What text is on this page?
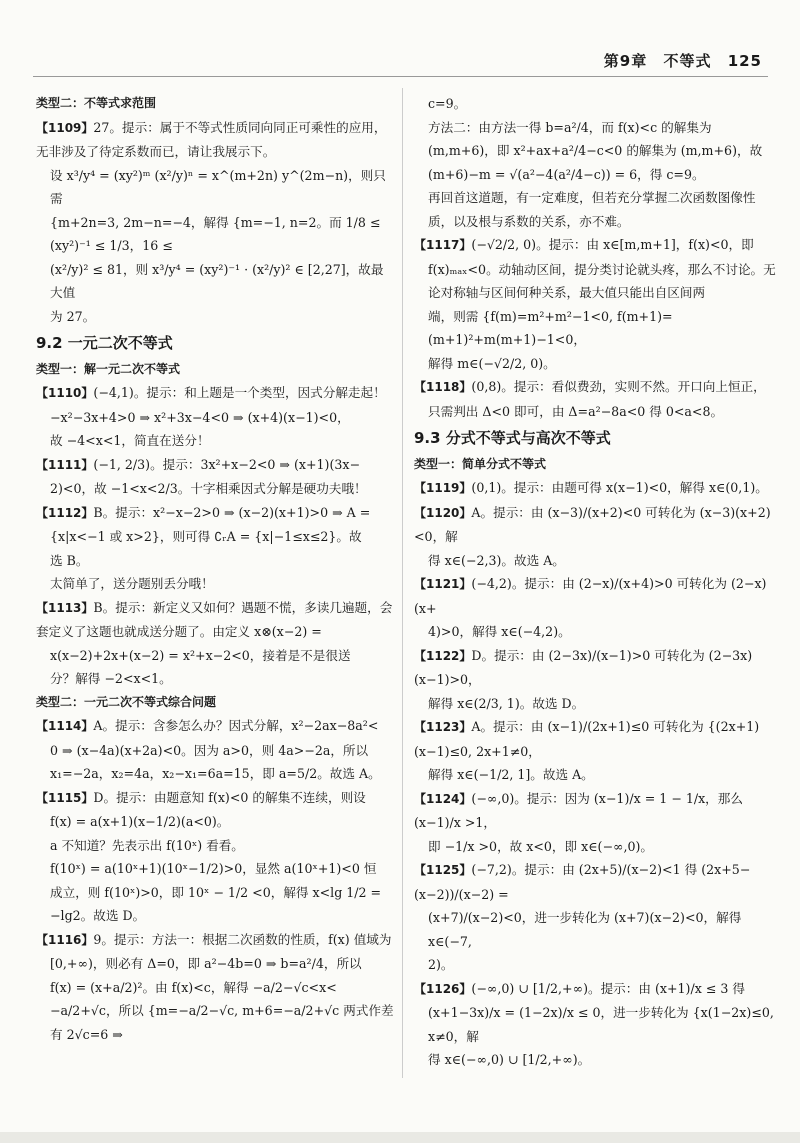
第9章 不等式 125
类型二：不等式求范围
【1109】27。提示：属于不等式性质同向同正可乘性的应用，无非涉及了待定系数而已，请让我展示下。
设 x³/y⁴ = (xy²)ᵐ (x²/y)ⁿ = x^(m+2n) y^(2m−n)，则只需
{m+2n=3, 2m−n=−4，解得 {m=−1, n=2。而 1/8 ≤ (xy²)⁻¹ ≤ 1/3，16 ≤
(x²/y)² ≤ 81，则 x³/y⁴ = (xy²)⁻¹ · (x²/y)² ∈ [2,27]，故最大值
为 27。
9.2 一元二次不等式
类型一：解一元二次不等式
【1110】(−4,1)。提示：和上题是一个类型，因式分解走起！
−x²−3x+4>0 ⇒ x²+3x−4<0 ⇒ (x+4)(x−1)<0，
故 −4<x<1，简直在送分！
【1111】(−1, 2/3)。提示：3x²+x−2<0 ⇒ (x+1)(3x−
2)<0，故 −1<x<2/3。十字相乘因式分解是硬功夫哦！
【1112】B。提示：x²−x−2>0 ⇒ (x−2)(x+1)>0 ⇒ A =
{x|x<−1 或 x>2}，则可得 ∁ᵣA = {x|−1≤x≤2}。故
选 B。
太简单了，送分题别丢分哦！
【1113】B。提示：新定义又如何？遇题不慌，多读几遍题，会套定义了这题也就成送分题了。由定义 x⊗(x−2) =
x(x−2)+2x+(x−2) = x²+x−2<0，接着是不是很送
分？解得 −2<x<1。
类型二：一元二次不等式综合问题
【1114】A。提示：含参怎么办？因式分解，x²−2ax−8a²<
0 ⇒ (x−4a)(x+2a)<0。因为 a>0，则 4a>−2a，所以
x₁=−2a，x₂=4a，x₂−x₁=6a=15，即 a=5/2。故选 A。
【1115】D。提示：由题意知 f(x)<0 的解集不连续，则设
f(x) = a(x+1)(x−1/2)(a<0)。
a 不知道？先表示出 f(10ˣ) 看看。
f(10ˣ) = a(10ˣ+1)(10ˣ−1/2)>0，显然 a(10ˣ+1)<0 恒
成立，则 f(10ˣ)>0，即 10ˣ − 1/2 <0，解得 x<lg 1/2 =
−lg2。故选 D。
【1116】9。提示：方法一：根据二次函数的性质，f(x) 值域为
[0,+∞)，则必有 Δ=0，即 a²−4b=0 ⇒ b=a²/4，所以
f(x) = (x+a/2)²。由 f(x)<c，解得 −a/2−√c<x<
−a/2+√c，所以 {m=−a/2−√c, m+6=−a/2+√c 两式作差有 2√c=6 ⇒
c=9。
方法二：由方法一得 b=a²/4，而 f(x)<c 的解集为
(m,m+6)，即 x²+ax+a²/4−c<0 的解集为 (m,m+6)，故
(m+6)−m = √(a²−4(a²/4−c)) = 6，得 c=9。
再回首这道题，有一定难度，但若充分掌握二次函数图像性质，以及根与系数的关系，亦不难。
【1117】(−√2/2, 0)。提示：由 x∈[m,m+1]，f(x)<0，即
f(x)ₘₐₓ<0。动轴动区间，提分类讨论就头疼，那么不讨论。无论对称轴与区间何种关系，最大值只能出自区间两
端，则需 {f(m)=m²+m²−1<0, f(m+1)=(m+1)²+m(m+1)−1<0，
解得 m∈(−√2/2, 0)。
【1118】(0,8)。提示：看似费劲，实则不然。开口向上恒正，
只需判出 Δ<0 即可，由 Δ=a²−8a<0 得 0<a<8。
9.3 分式不等式与高次不等式
类型一：简单分式不等式
【1119】(0,1)。提示：由题可得 x(x−1)<0，解得 x∈(0,1)。
【1120】A。提示：由 (x−3)/(x+2)<0 可转化为 (x−3)(x+2)<0，解
得 x∈(−2,3)。故选 A。
【1121】(−4,2)。提示：由 (2−x)/(x+4)>0 可转化为 (2−x)(x+
4)>0，解得 x∈(−4,2)。
【1122】D。提示：由 (2−3x)/(x−1)>0 可转化为 (2−3x)(x−1)>0，
解得 x∈(2/3, 1)。故选 D。
【1123】A。提示：由 (x−1)/(2x+1)≤0 可转化为 {(2x+1)(x−1)≤0, 2x+1≠0，
解得 x∈(−1/2, 1]。故选 A。
【1124】(−∞,0)。提示：因为 (x−1)/x = 1 − 1/x，那么 (x−1)/x >1，
即 −1/x >0，故 x<0，即 x∈(−∞,0)。
【1125】(−7,2)。提示：由 (2x+5)/(x−2)<1 得 (2x+5−(x−2))/(x−2) =
(x+7)/(x−2)<0，进一步转化为 (x+7)(x−2)<0，解得 x∈(−7,
2)。
【1126】(−∞,0) ∪ [1/2,+∞)。提示：由 (x+1)/x ≤ 3 得
(x+1−3x)/x = (1−2x)/x ≤ 0，进一步转化为 {x(1−2x)≤0, x≠0，解
得 x∈(−∞,0) ∪ [1/2,+∞)。
